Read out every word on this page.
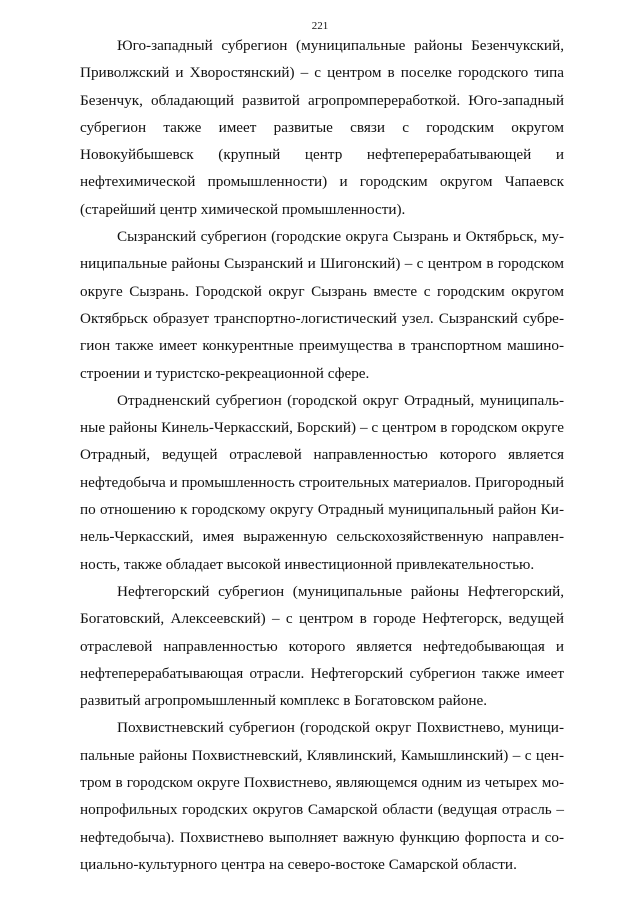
221

Юго-западный субрегион (муниципальные районы Безенчукский, Приволжский и Хворостянский) – с центром в поселке городского типа Безенчук, обладающий развитой агропромпереработкой. Юго-западный субрегион также имеет развитые связи с городским округом Новокуйбышевск (крупный центр нефтеперерабатывающей и нефтехимической промышленности) и городским округом Чапаевск (старейший центр химической промышленности).

Сызранский субрегион (городские округа Сызрань и Октябрьск, муниципальные районы Сызранский и Шигонский) – с центром в городском округе Сызрань. Городской округ Сызрань вместе с городским округом Октябрьск образует транспортно-логистический узел. Сызранский субрегион также имеет конкурентные преимущества в транспортном машиностроении и туристско-рекреационной сфере.

Отрадненский субрегион (городской округ Отрадный, муниципальные районы Кинель-Черкасский, Борский) – с центром в городском округе Отрадный, ведущей отраслевой направленностью которого является нефтедобыча и промышленность строительных материалов. Пригородный по отношению к городскому округу Отрадный муниципальный район Кинель-Черкасский, имея выраженную сельскохозяйственную направленность, также обладает высокой инвестиционной привлекательностью.

Нефтегорский субрегион (муниципальные районы Нефтегорский, Богатовский, Алексеевский) – с центром в городе Нефтегорск, ведущей отраслевой направленностью которого является нефтедобывающая и нефтеперерабатывающая отрасли. Нефтегорский субрегион также имеет развитый агропромышленный комплекс в Богатовском районе.

Похвистневский субрегион (городской округ Похвистнево, муниципальные районы Похвистневский, Клявлинский, Камышлинский) – с центром в городском округе Похвистнево, являющемся одним из четырех монопрофильных городских округов Самарской области (ведущая отрасль – нефтедобыча). Похвистнево выполняет важную функцию форпоста и социально-культурного центра на северо-востоке Самарской области.
